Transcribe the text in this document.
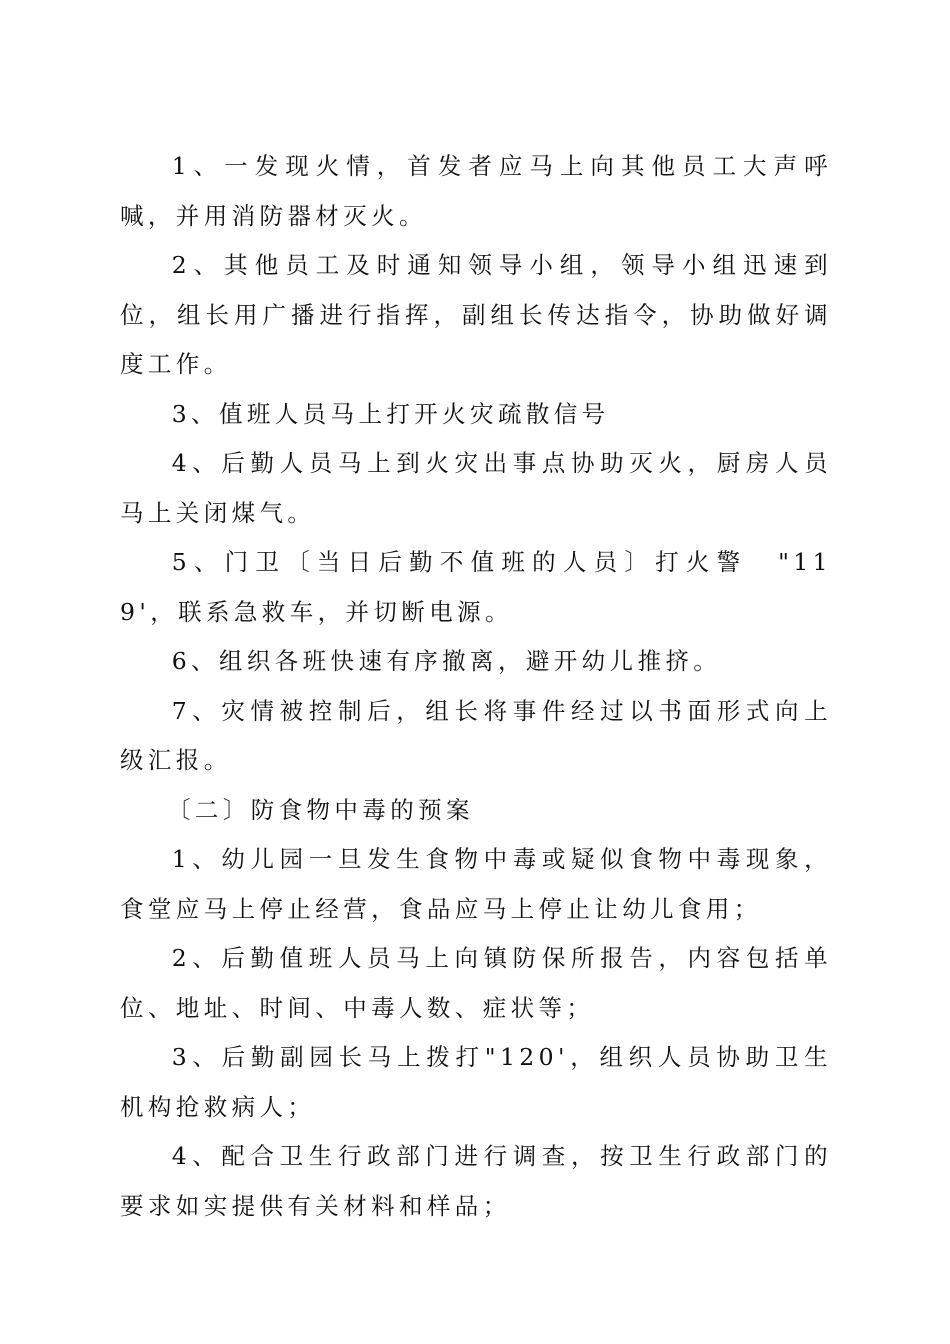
1、一发现火情，首发者应马上向其他员工大声呼喊，并用消防器材灭火。

2、其他员工及时通知领导小组，领导小组迅速到位，组长用广播进行指挥，副组长传达指令，协助做好调度工作。

3、值班人员马上打开火灾疏散信号

4、后勤人员马上到火灾出事点协助灭火，厨房人员马上关闭煤气。

5、门卫〔当日后勤不值班的人员〕打火警　"119'，联系急救车，并切断电源。

6、组织各班快速有序撤离，避开幼儿推挤。

7、灾情被控制后，组长将事件经过以书面形式向上级汇报。

〔二〕防食物中毒的预案

1、幼儿园一旦发生食物中毒或疑似食物中毒现象，食堂应马上停止经营，食品应马上停止让幼儿食用；

2、后勤值班人员马上向镇防保所报告，内容包括单位、地址、时间、中毒人数、症状等；

3、后勤副园长马上拨打"120'，组织人员协助卫生机构抢救病人；

4、配合卫生行政部门进行调查，按卫生行政部门的要求如实提供有关材料和样品；
